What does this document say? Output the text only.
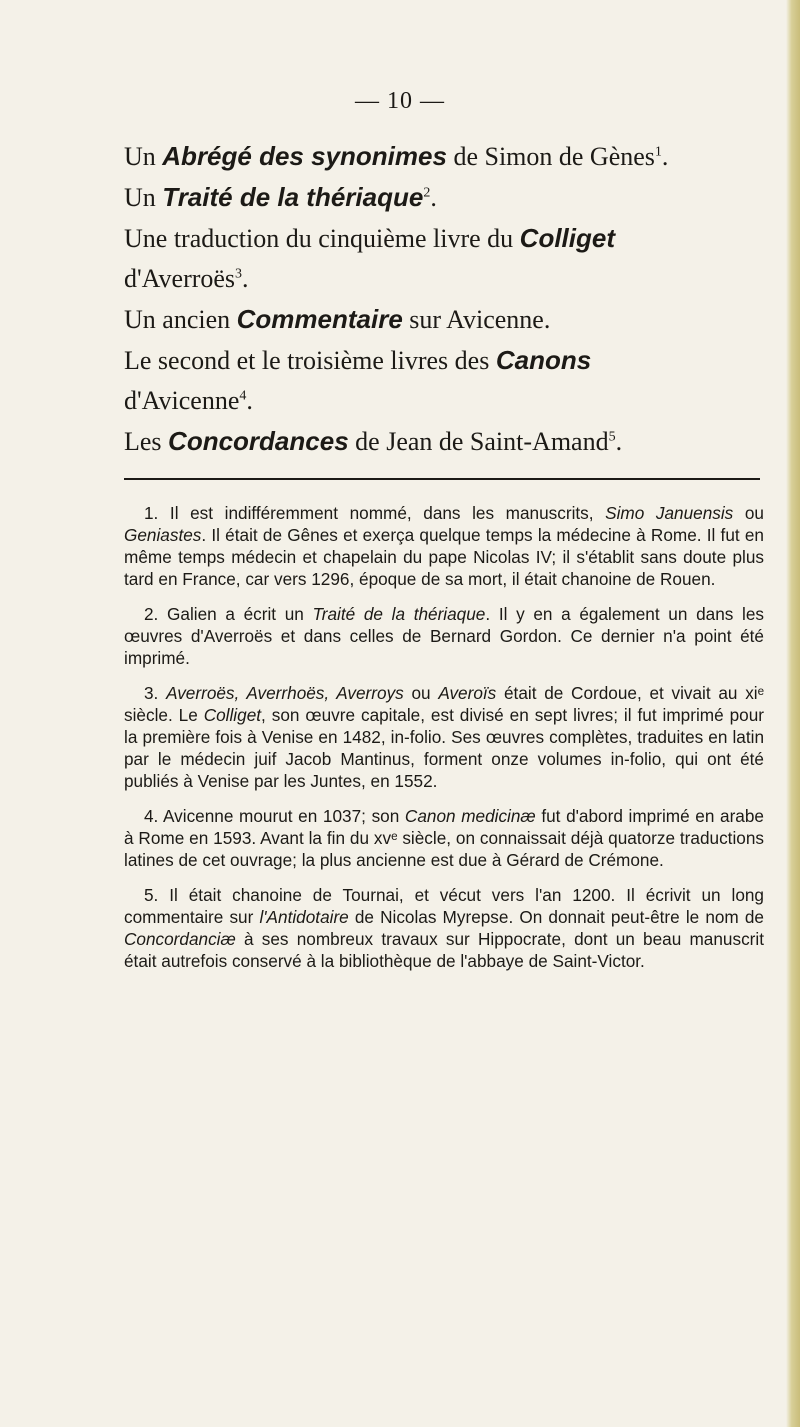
— 10 —

Un Abrégé des synonimes de Simon de Gènes$^1$.

Un Traité de la thériaque$^2$.

Une traduction du cinquième livre du Colliget

d'Averroës$^3$.

Un ancien Commentaire sur Avicenne.

Le second et le troisième livres des Canons

d'Avicenne$^4$.

Les Concordances de Jean de Saint-Amand$^5$.

1. Il est indifféremment nommé, dans les manuscrits, Simo Januensis ou Geniastes. Il était de Gênes et exerça quelque temps la médecine à Rome. Il fut en même temps médecin et chapelain du pape Nicolas IV; il s'établit sans doute plus tard en France, car vers 1296, époque de sa mort, il était chanoine de Rouen.

2. Galien a écrit un Traité de la thériaque. Il y en a également un dans les œuvres d'Averroës et dans celles de Bernard Gordon. Ce dernier n'a point été imprimé.

3. Averroës, Averrhoës, Averroys ou Averoïs était de Cordoue, et vivait au xiᵉ siècle. Le Colliget, son œuvre capitale, est divisé en sept livres; il fut imprimé pour la première fois à Venise en 1482, in-folio. Ses œuvres complètes, traduites en latin par le médecin juif Jacob Mantinus, forment onze volumes in-folio, qui ont été publiés à Venise par les Juntes, en 1552.

4. Avicenne mourut en 1037; son Canon medicinæ fut d'abord imprimé en arabe à Rome en 1593. Avant la fin du xvᵉ siècle, on connaissait déjà quatorze traductions latines de cet ouvrage; la plus ancienne est due à Gérard de Crémone.

5. Il était chanoine de Tournai, et vécut vers l'an 1200. Il écrivit un long commentaire sur l'Antidotaire de Nicolas Myrepse. On donnait peut-être le nom de Concordanciæ à ses nombreux travaux sur Hippocrate, dont un beau manuscrit était autrefois conservé à la bibliothèque de l'abbaye de Saint-Victor.
